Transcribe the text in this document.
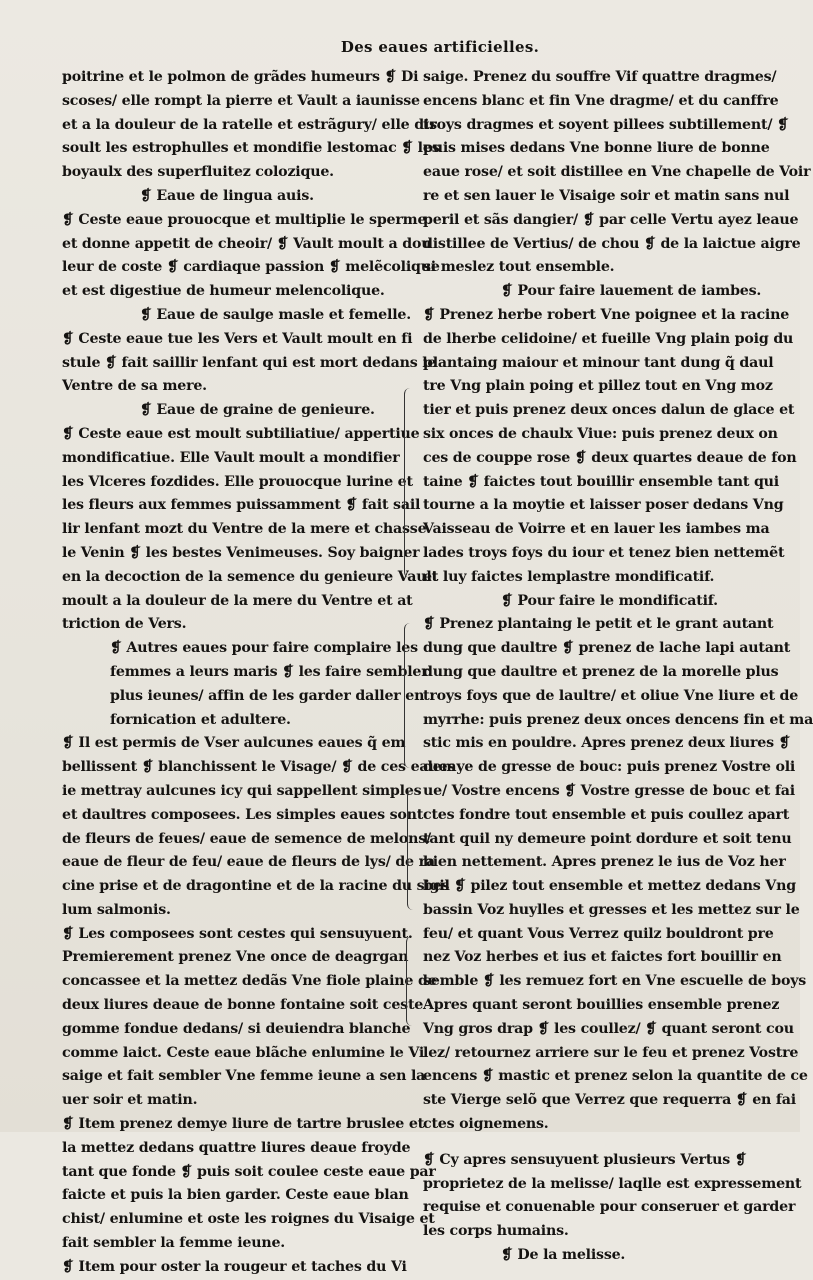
Des eaues artificielles.
poitrine et le polmon de grãdes humeurs ❡ Di
scoses/ elle rompt la pierre et Vault a iaunisse
et a la douleur de la ratelle et estrãgury/ elle dis
soult les estrophulles et mondifie lestomac ❡ les
boyaulx des superfluitez colozique.
❡ Eaue de lingua auis.
❡ Ceste eaue prouocque et multiplie le sperme
et donne appetit de cheoir/ ❡ Vault moult a dou
leur de coste ❡ cardiaque passion ❡ melẽcolique
et est digestiue de humeur melencolique.
❡ Eaue de saulge masle et femelle.
❡ Ceste eaue tue les Vers et Vault moult en fi
stule ❡ fait saillir lenfant qui est mort dedans le
Ventre de sa mere.
❡ Eaue de graine de genieure.
❡ Ceste eaue est moult subtiliatiue/ appertiue
mondificatiue. Elle Vault moult a mondifier
les Vlceres fozdides. Elle prouocque lurine et
les fleurs aux femmes puissamment ❡ fait sail
lir lenfant mozt du Ventre de la mere et chasse
le Venin ❡ les bestes Venimeuses. Soy baigner
en la decoction de la semence du genieure Vault
moult a la douleur de la mere du Ventre et at
triction de Vers.
❡ Autres eaues pour faire complaire les
femmes a leurs maris ❡ les faire sembler
plus ieunes/ affin de les garder daller en
fornication et adultere.
❡ Il est permis de Vser aulcunes eaues q̃ em
bellissent ❡ blanchissent le Visage/ ❡ de ces eaues
ie mettray aulcunes icy qui sappellent simples
et daultres composees. Les simples eaues sont
de fleurs de feues/ eaue de semence de melons/
eaue de fleur de feu/ eaue de fleurs de lys/ de ra
cine prise et de dragontine et de la racine du sigil
lum salmonis.
❡ Les composees sont cestes qui sensuyuent.
Premierement prenez Vne once de deagrgan
concassee et la mettez dedãs Vne fiole plaine de
deux liures deaue de bonne fontaine soit ceste
gomme fondue dedans/ si deuiendra blanche
comme laict. Ceste eaue blãche enlumine le Vi
saige et fait sembler Vne femme ieune a sen la
uer soir et matin.
❡ Item prenez demye liure de tartre bruslee et
la mettez dedans quattre liures deaue froyde
tant que fonde ❡ puis soit coulee ceste eaue par
faicte et puis la bien garder. Ceste eaue blan
chist/ enlumine et oste les roignes du Visaige et
fait sembler la femme ieune.
❡ Item pour oster la rougeur et taches du Vi
saige. Prenez du souffre Vif quattre dragmes/
encens blanc et fin Vne dragme/ et du canffre
troys dragmes et soyent pillees subtillement/ ❡
puis mises dedans Vne bonne liure de bonne
eaue rose/ et soit distillee en Vne chapelle de Voir
re et sen lauer le Visaige soir et matin sans nul
peril et sãs dangier/ ❡ par celle Vertu ayez leaue
distillee de Vertius/ de chou ❡ de la laictue aigre
si meslez tout ensemble.
❡ Pour faire lauement de iambes.
❡ Prenez herbe robert Vne poignee et la racine
de lherbe celidoine/ et fueille Vng plain poig du
plantaing maiour et minour tant dung q̃ daul
tre Vng plain poing et pillez tout en Vng moz
tier et puis prenez deux onces dalun de glace et
six onces de chaulx Viue: puis prenez deux on
ces de couppe rose ❡ deux quartes deaue de fon
taine ❡ faictes tout bouillir ensemble tant qui
tourne a la moytie et laisser poser dedans Vng
Vaisseau de Voirre et en lauer les iambes ma
lades troys foys du iour et tenez bien nettemẽt
et luy faictes lemplastre mondificatif.
❡ Pour faire le mondificatif.
❡ Prenez plantaing le petit et le grant autant
dung que daultre ❡ prenez de lache lapi autant
dung que daultre et prenez de la morelle plus
troys foys que de laultre/ et oliue Vne liure et de
myrrhe: puis prenez deux onces dencens fin et ma
stic mis en pouldre. Apres prenez deux liures ❡
demye de gresse de bouc: puis prenez Vostre oli
ue/ Vostre encens ❡ Vostre gresse de bouc et fai
ctes fondre tout ensemble et puis coullez apart
tant quil ny demeure point dordure et soit tenu
bien nettement. Apres prenez le ius de Voz her
bes ❡ pilez tout ensemble et mettez dedans Vng
bassin Voz huylles et gresses et les mettez sur le
feu/ et quant Vous Verrez quilz bouldront pre
nez Voz herbes et ius et faictes fort bouillir en
semble ❡ les remuez fort en Vne escuelle de boys
Apres quant seront bouillies ensemble prenez
Vng gros drap ❡ les coullez/ ❡ quant seront cou
lez/ retournez arriere sur le feu et prenez Vostre
encens ❡ mastic et prenez selon la quantite de ce
ste Vierge selõ que Verrez que requerra ❡ en fai
ctes oignemens.
❡ Cy apres sensuyuent plusieurs Vertus ❡
proprietez de la melisse/ laqlle est expressement
requise et conuenable pour conseruer et garder
les corps humains.
❡ De la melisse.
